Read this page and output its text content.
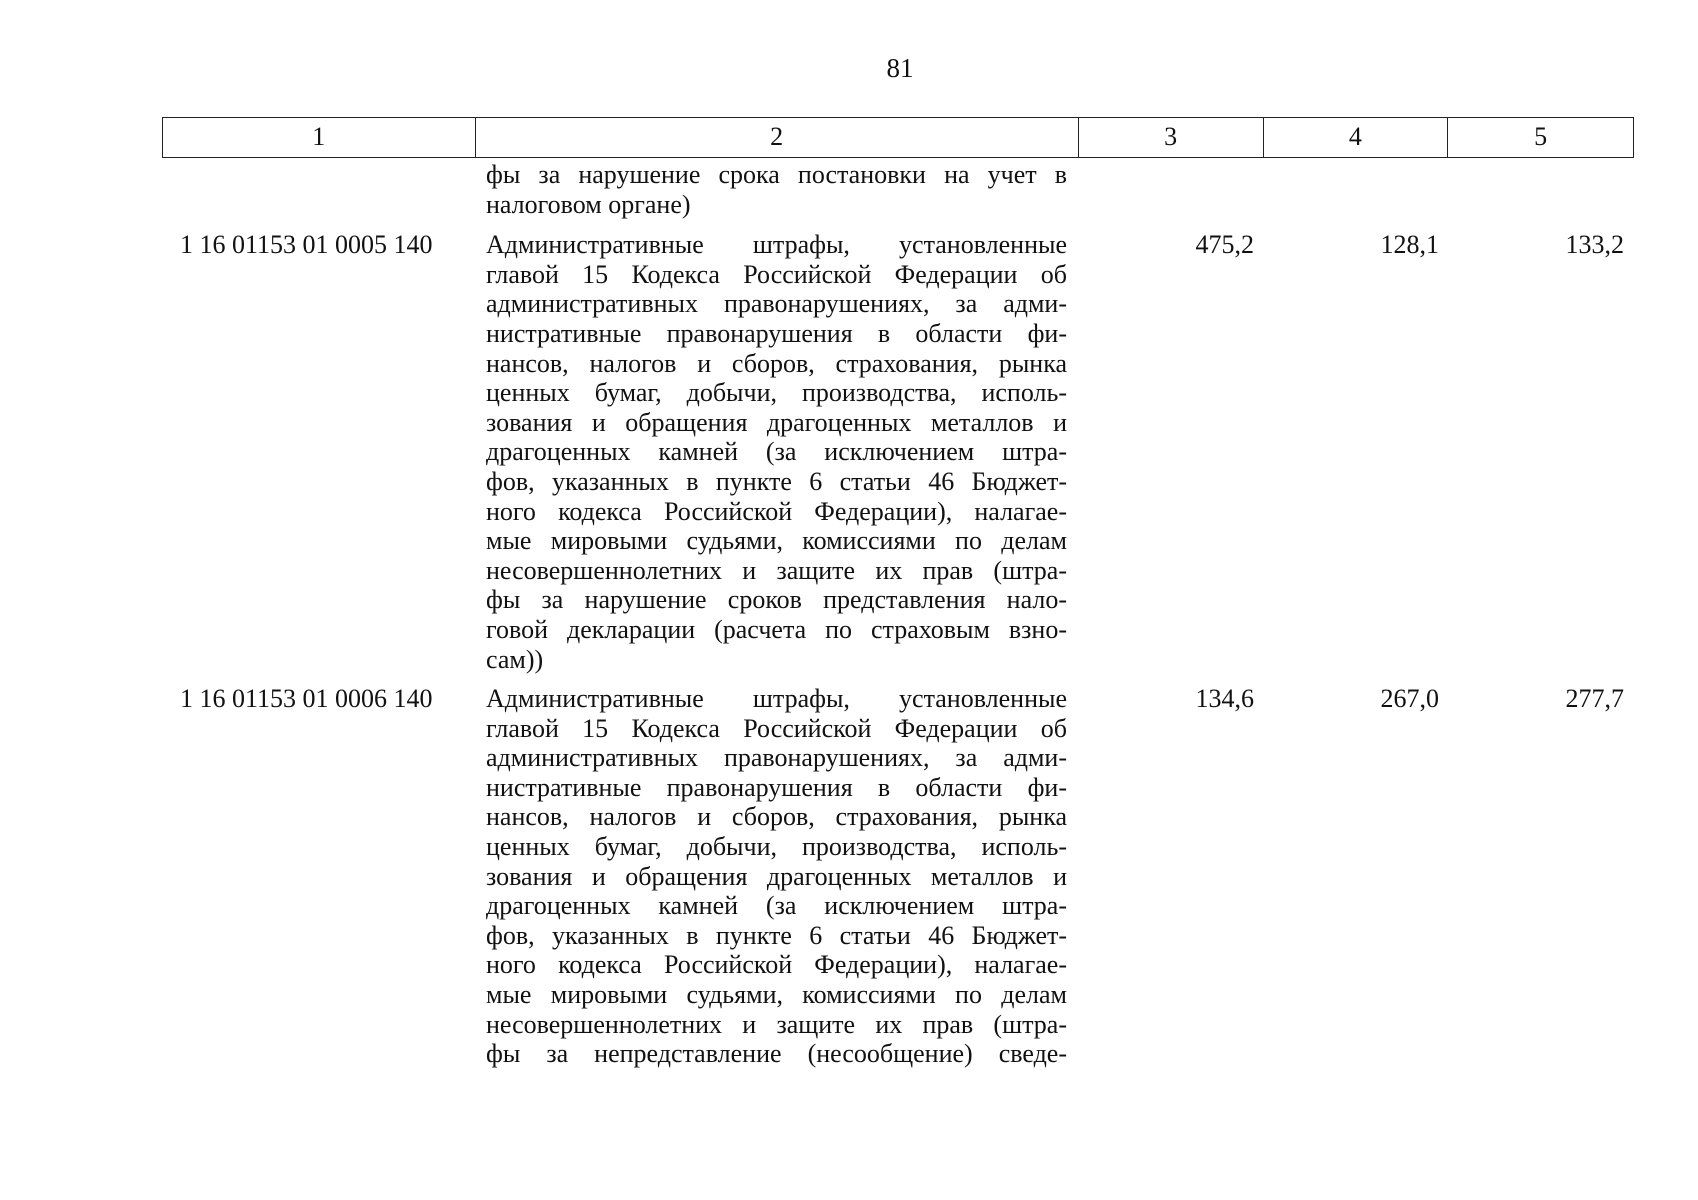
81
1	2	3	4	5
фы за нарушение срока постановки на учет в
налоговом органе)
1 16 01153 01 0005 140	Административные штрафы, установленные
главой 15 Кодекса Российской Федерации об
административных правонарушениях, за адми-
нистративные правонарушения в области фи-
нансов, налогов и сборов, страхования, рынка
ценных бумаг, добычи, производства, исполь-
зования и обращения драгоценных металлов и
драгоценных камней (за исключением штра-
фов, указанных в пункте 6 статьи 46 Бюджет-
ного кодекса Российской Федерации), налагае-
мые мировыми судьями, комиссиями по делам
несовершеннолетних и защите их прав (штра-
фы за нарушение сроков представления нало-
говой декларации (расчета по страховым взно-
сам))
475,2	128,1	133,2
1 16 01153 01 0006 140	Административные штрафы, установленные
главой 15 Кодекса Российской Федерации об
административных правонарушениях, за адми-
нистративные правонарушения в области фи-
нансов, налогов и сборов, страхования, рынка
ценных бумаг, добычи, производства, исполь-
зования и обращения драгоценных металлов и
драгоценных камней (за исключением штра-
фов, указанных в пункте 6 статьи 46 Бюджет-
ного кодекса Российской Федерации), налагае-
мые мировыми судьями, комиссиями по делам
несовершеннолетних и защите их прав (штра-
фы за непредставление (несообщение) сведе-
134,6	267,0	277,7
